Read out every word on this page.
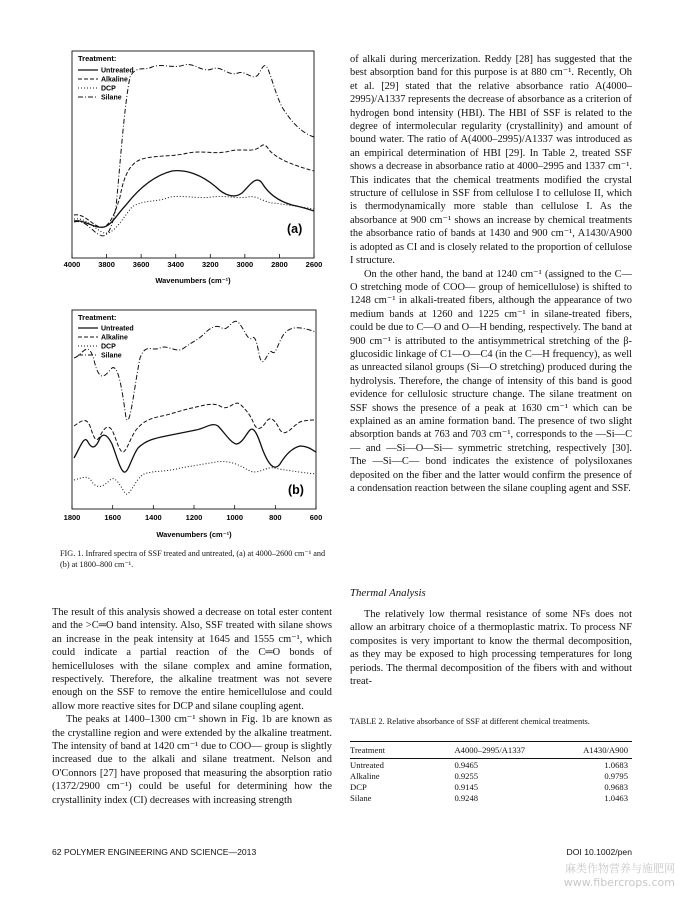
Treatment:
Untreated
Alkaline
DCP
Silane
(a)
4000 3800 3600 3400 3200 3000 2800 2600
Wavenumbers (cm⁻¹)
Treatment:
Untreated
Alkaline
DCP
Silane
(b)
1800	1600	1400	1200	1000	800	600
Wavenumbers (cm⁻¹)
FIG. 1. Infrared spectra of SSF treated and untreated, (a) at 4000–2600 cm⁻¹ and (b) at 1800–800 cm⁻¹.

The result of this analysis showed a decrease on total ester content and the >C═O band intensity. Also, SSF treated with silane shows an increase in the peak intensity at 1645 and 1555 cm⁻¹, which could indicate a partial reaction of the C═O bonds of hemicelluloses with the silane complex and amine formation, respectively. Therefore, the alkaline treatment was not severe enough on the SSF to remove the entire hemicellulose and could allow more reactive sites for DCP and silane coupling agent.

The peaks at 1400–1300 cm⁻¹ shown in Fig. 1b are known as the crystalline region and were extended by the alkaline treatment. The intensity of band at 1420 cm⁻¹ due to COO— group is slightly increased due to the alkali and silane treatment. Nelson and O'Connors [27] have proposed that measuring the absorption ratio (1372/2900 cm⁻¹) could be useful for determining how the crystallinity index (CI) decreases with increasing strength

of alkali during mercerization. Reddy [28] has suggested that the best absorption band for this purpose is at 880 cm⁻¹. Recently, Oh et al. [29] stated that the relative absorbance ratio A(4000–2995)/A1337 represents the decrease of absorbance as a criterion of hydrogen bond intensity (HBI). The HBI of SSF is related to the degree of intermolecular regularity (crystallinity) and amount of bound water. The ratio of A(4000–2995)/A1337 was introduced as an empirical determination of HBI [29]. In Table 2, treated SSF shows a decrease in absorbance ratio at 4000–2995 and 1337 cm⁻¹. This indicates that the chemical treatments modified the crystal structure of cellulose in SSF from cellulose I to cellulose II, which is thermodynamically more stable than cellulose I. As the absorbance at 900 cm⁻¹ shows an increase by chemical treatments the absorbance ratio of bands at 1430 and 900 cm⁻¹, A1430/A900 is adopted as CI and is closely related to the proportion of cellulose I structure.

On the other hand, the band at 1240 cm⁻¹ (assigned to the C—O stretching mode of COO— group of hemicellulose) is shifted to 1248 cm⁻¹ in alkali-treated fibers, although the appearance of two medium bands at 1260 and 1225 cm⁻¹ in silane-treated fibers, could be due to C—O and O—H bending, respectively. The band at 900 cm⁻¹ is attributed to the antisymmetrical stretching of the β-glucosidic linkage of C1—O—C4 (in the C—H frequency), as well as unreacted silanol groups (Si—O stretching) produced during the hydrolysis. Therefore, the change of intensity of this band is good evidence for cellulosic structure change. The silane treatment on SSF shows the presence of a peak at 1630 cm⁻¹ which can be explained as an amine formation band. The presence of two slight absorption bands at 763 and 703 cm⁻¹, corresponds to the —Si—C— and —Si—O—Si— symmetric stretching, respectively [30]. The —Si—C— bond indicates the existence of polysiloxanes deposited on the fiber and the latter would confirm the presence of a condensation reaction between the silane coupling agent and SSF.

Thermal Analysis

The relatively low thermal resistance of some NFs does not allow an arbitrary choice of a thermoplastic matrix. To process NF composites is very important to know the thermal decomposition, as they may be exposed to high processing temperatures for long periods. The thermal decomposition of the fibers with and without treat-

TABLE 2. Relative absorbance of SSF at different chemical treatments.
Treatment	A4000–2995/A1337	A1430/A900
Untreated	0.9465	1.0683
Alkaline	0.9255	0.9795
DCP	0.9145	0.9683
Silane	0.9248	1.0463
62 POLYMER ENGINEERING AND SCIENCE—2013	DOI 10.1002/pen
麻类作物营养与施肥网
www.fibercrops.com
